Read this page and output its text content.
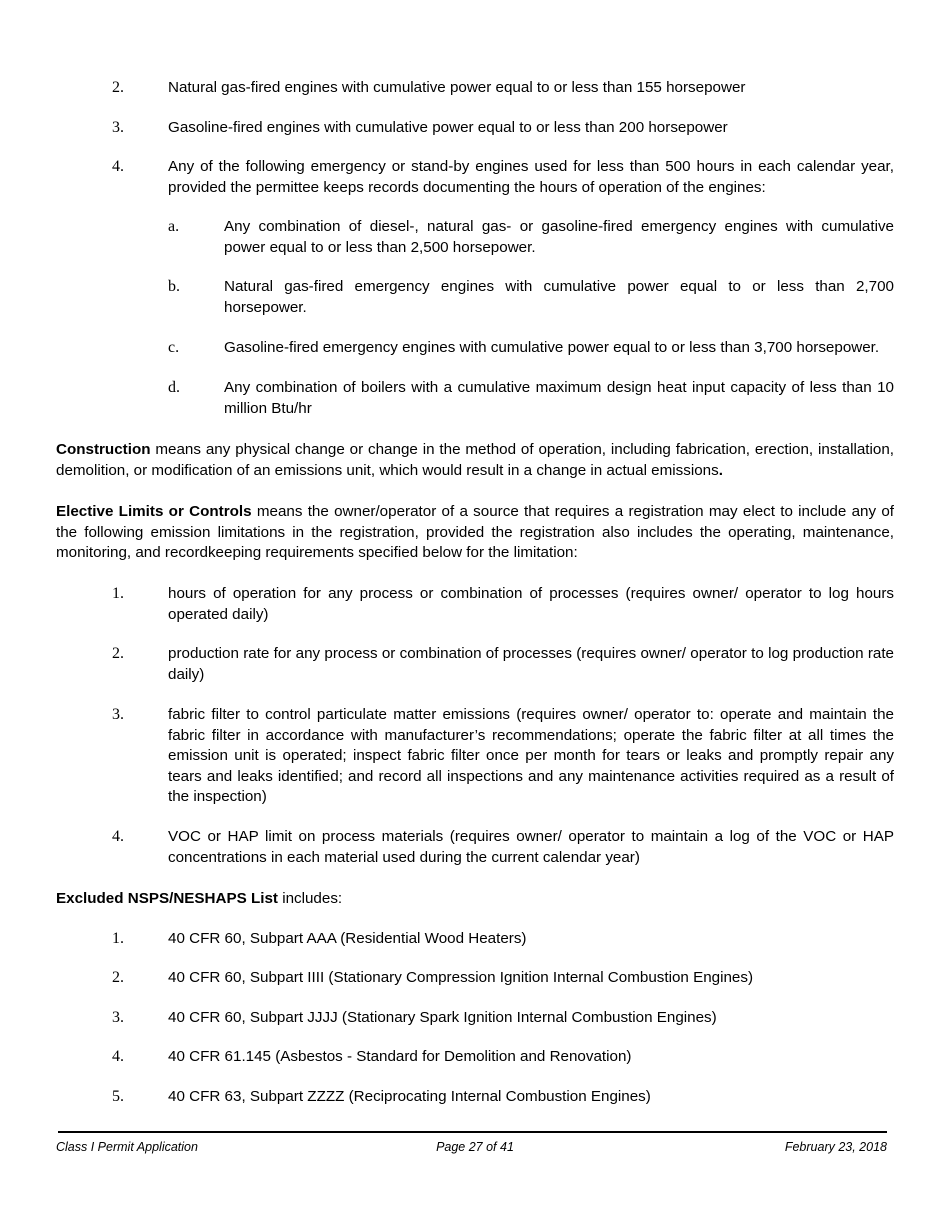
2.	Natural gas-fired engines with cumulative power equal to or less than 155 horsepower
3.	Gasoline-fired engines with cumulative power equal to or less than 200 horsepower
4.	Any of the following emergency or stand-by engines used for less than 500 hours in each calendar year, provided the permittee keeps records documenting the hours of operation of the engines:
a.	Any combination of diesel-, natural gas- or gasoline-fired emergency engines with cumulative power equal to or less than 2,500 horsepower.
b.	Natural gas-fired emergency engines with cumulative power equal to or less than 2,700 horsepower.
c.	Gasoline-fired emergency engines with cumulative power equal to or less than 3,700 horsepower.
d.	Any combination of boilers with a cumulative maximum design heat input capacity of less than 10 million Btu/hr
Construction means any physical change or change in the method of operation, including fabrication, erection, installation, demolition, or modification of an emissions unit, which would result in a change in actual emissions.
Elective Limits or Controls means the owner/operator of a source that requires a registration may elect to include any of the following emission limitations in the registration, provided the registration also includes the operating, maintenance, monitoring, and recordkeeping requirements specified below for the limitation:
1.	hours of operation for any process or combination of processes (requires owner/ operator to log hours operated daily)
2.	production rate for any process or combination of processes (requires owner/ operator to log production rate daily)
3.	fabric filter to control particulate matter emissions (requires owner/ operator to: operate and maintain the fabric filter in accordance with manufacturer’s recommendations; operate the fabric filter at all times the emission unit is operated; inspect fabric filter once per month for tears or leaks and promptly repair any tears and leaks identified; and record all inspections and any maintenance activities required as a result of the inspection)
4.	VOC or HAP limit on process materials (requires owner/ operator to maintain a log of the VOC or HAP concentrations in each material used during the current calendar year)
Excluded NSPS/NESHAPS List includes:
1.	40 CFR 60, Subpart AAA (Residential Wood Heaters)
2.	40 CFR 60, Subpart IIII (Stationary Compression Ignition Internal Combustion Engines)
3.	40 CFR 60, Subpart JJJJ (Stationary Spark Ignition Internal Combustion Engines)
4.	40 CFR 61.145 (Asbestos - Standard for Demolition and Renovation)
5.	40 CFR 63, Subpart ZZZZ (Reciprocating Internal Combustion Engines)
Class I Permit Application	Page 27 of 41	February 23, 2018
